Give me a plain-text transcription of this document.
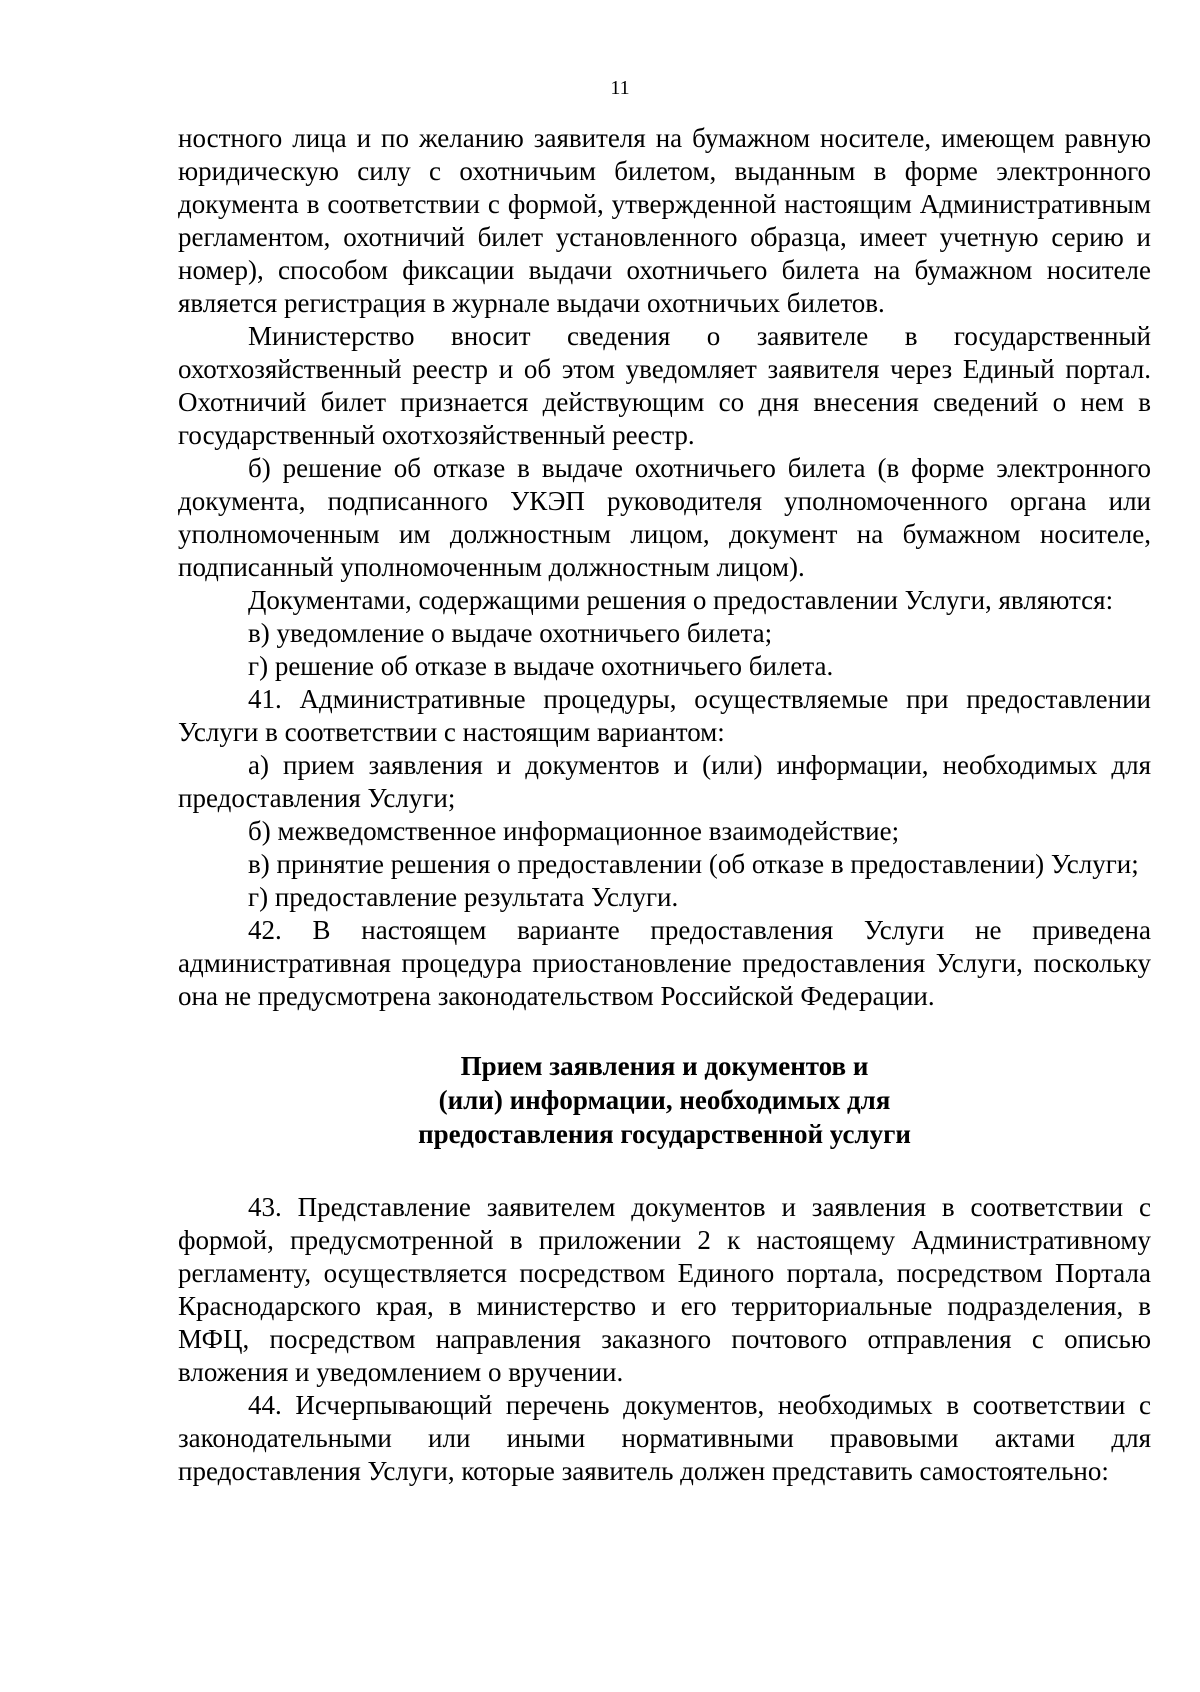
11

ностного лица и по желанию заявителя на бумажном носителе, имеющем равную юридическую силу с охотничьим билетом, выданным в форме электронного документа в соответствии с формой, утвержденной настоящим Административным регламентом, охотничий билет установленного образца, имеет учетную серию и номер), способом фиксации выдачи охотничьего билета на бумажном носителе является регистрация в журнале выдачи охотничьих билетов.

Министерство вносит сведения о заявителе в государственный охотхозяйственный реестр и об этом уведомляет заявителя через Единый портал. Охотничий билет признается действующим со дня внесения сведений о нем в государственный охотхозяйственный реестр.

б) решение об отказе в выдаче охотничьего билета (в форме электронного документа, подписанного УКЭП руководителя уполномоченного органа или уполномоченным им должностным лицом, документ на бумажном носителе, подписанный уполномоченным должностным лицом).

Документами, содержащими решения о предоставлении Услуги, являются:

в) уведомление о выдаче охотничьего билета;

г) решение об отказе в выдаче охотничьего билета.

41. Административные процедуры, осуществляемые при предоставлении Услуги в соответствии с настоящим вариантом:

а) прием заявления и документов и (или) информации, необходимых для предоставления Услуги;

б) межведомственное информационное взаимодействие;

в) принятие решения о предоставлении (об отказе в предоставлении) Услуги;

г) предоставление результата Услуги.

42. В настоящем варианте предоставления Услуги не приведена административная процедура приостановление предоставления Услуги, поскольку она не предусмотрена законодательством Российской Федерации.

Прием заявления и документов и
(или) информации, необходимых для
предоставления государственной услуги

43. Представление заявителем документов и заявления в соответствии с формой, предусмотренной в приложении 2 к настоящему Административному регламенту, осуществляется посредством Единого портала, посредством Портала Краснодарского края, в министерство и его территориальные подразделения, в МФЦ, посредством направления заказного почтового отправления с описью вложения и уведомлением о вручении.

44. Исчерпывающий перечень документов, необходимых в соответствии с законодательными или иными нормативными правовыми актами для предоставления Услуги, которые заявитель должен представить самостоятельно:
